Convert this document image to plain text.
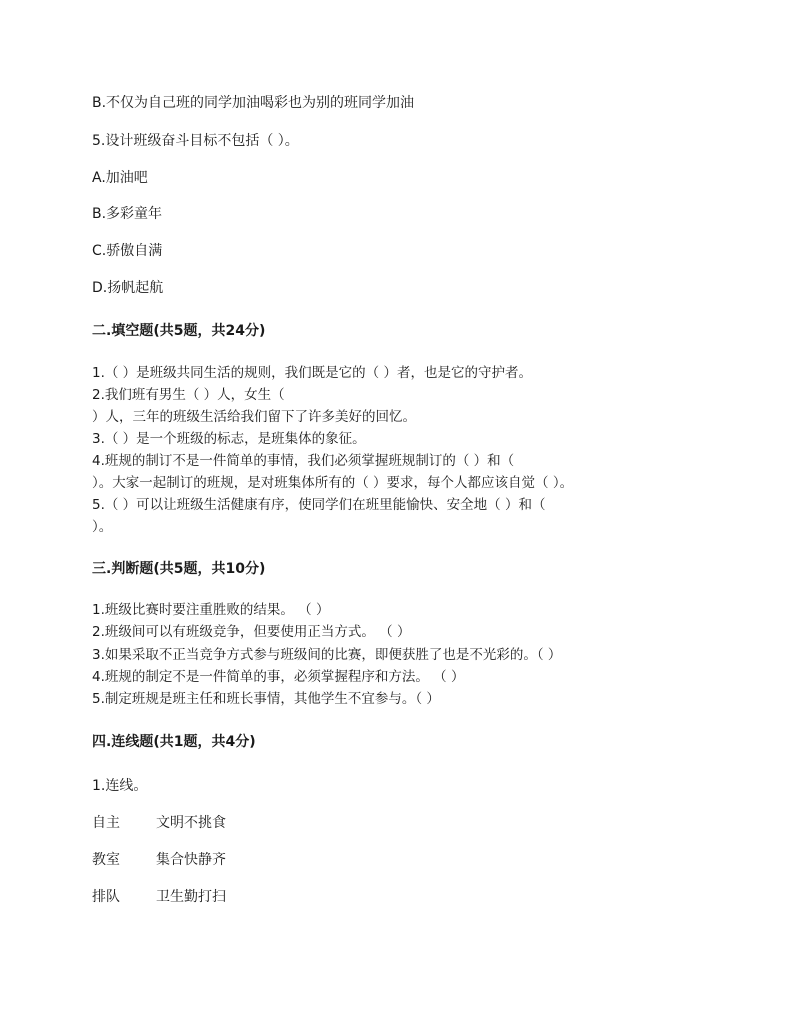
B.不仅为自己班的同学加油喝彩也为别的班同学加油
5.设计班级奋斗目标不包括（ ）。
A.加油吧
B.多彩童年
C.骄傲自满
D.扬帆起航
二.填空题(共5题，共24分)
1.（ ）是班级共同生活的规则，我们既是它的（ ）者，也是它的守护者。
2.我们班有男生（ ）人，女生（
）人，三年的班级生活给我们留下了许多美好的回忆。
3.（ ）是一个班级的标志，是班集体的象征。
4.班规的制订不是一件简单的事情，我们必须掌握班规制订的（ ）和（
）。大家一起制订的班规，是对班集体所有的（ ）要求，每个人都应该自觉（ ）。
5.（ ）可以让班级生活健康有序，使同学们在班里能愉快、安全地（ ）和（
）。
三.判断题(共5题，共10分)
1.班级比赛时要注重胜败的结果。 （ ）
2.班级间可以有班级竞争，但要使用正当方式。 （ ）
3.如果采取不正当竞争方式参与班级间的比赛，即便获胜了也是不光彩的。（ ）
4.班规的制定不是一件简单的事，必须掌握程序和方法。 （ ）
5.制定班规是班主任和班长事情，其他学生不宜参与。（ ）
四.连线题(共1题，共4分)
1.连线。
自主	文明不挑食
教室	集合快静齐
排队	卫生勤打扫
